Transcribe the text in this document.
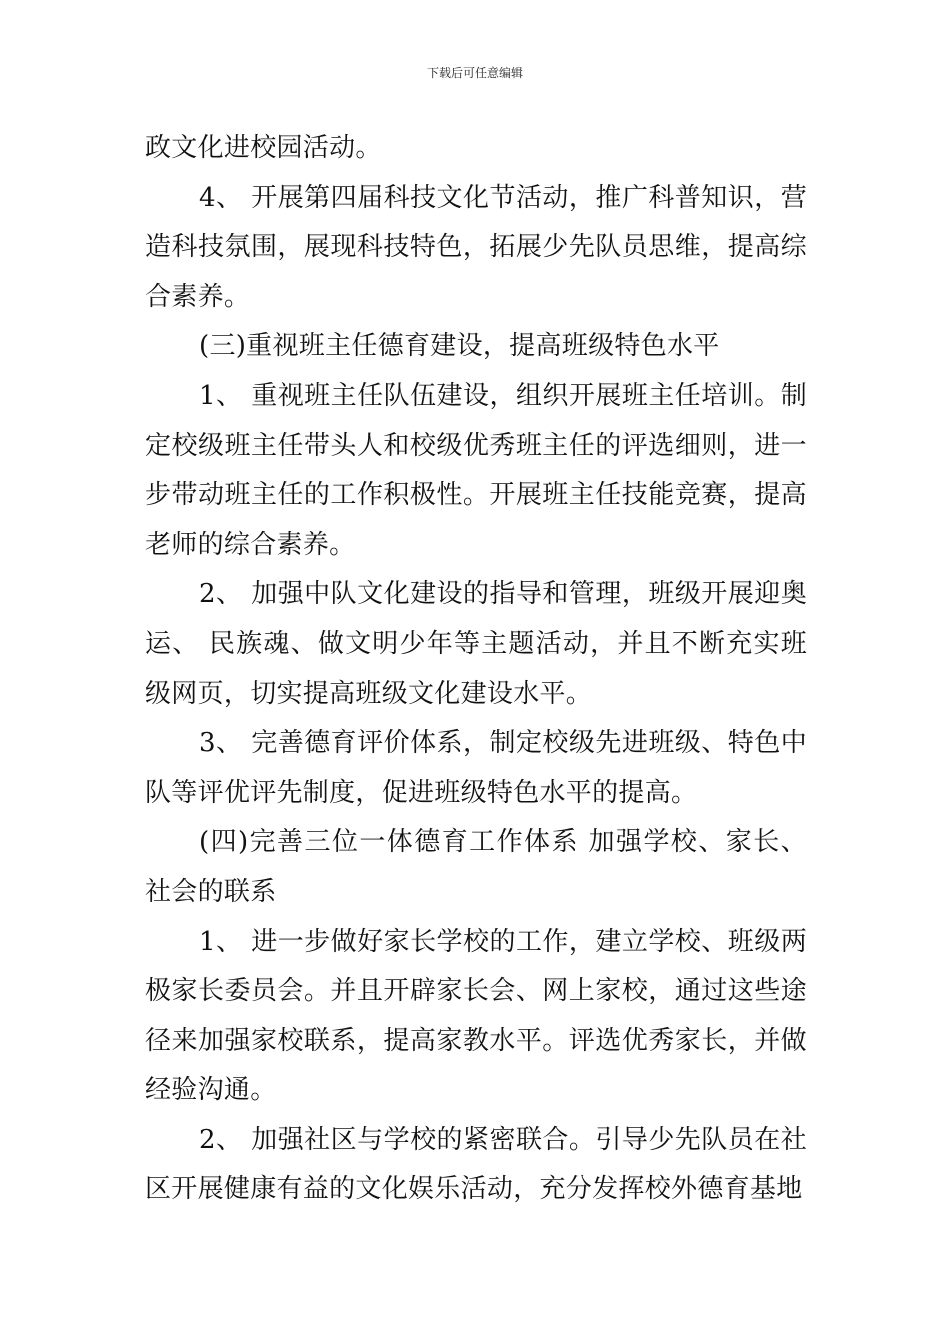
下载后可任意编辑

政文化进校园活动。

4、 开展第四届科技文化节活动，推广科普知识，营造科技氛围，展现科技特色，拓展少先队员思维，提高综合素养。

(三)重视班主任德育建设，提高班级特色水平

1、 重视班主任队伍建设，组织开展班主任培训。制定校级班主任带头人和校级优秀班主任的评选细则，进一步带动班主任的工作积极性。开展班主任技能竞赛，提高老师的综合素养。

2、 加强中队文化建设的指导和管理，班级开展迎奥运、 民族魂、做文明少年等主题活动，并且不断充实班级网页，切实提高班级文化建设水平。

3、 完善德育评价体系，制定校级先进班级、特色中队等评优评先制度，促进班级特色水平的提高。

(四)完善三位一体德育工作体系 加强学校、家长、社会的联系

1、 进一步做好家长学校的工作，建立学校、班级两极家长委员会。并且开辟家长会、网上家校，通过这些途径来加强家校联系，提高家教水平。评选优秀家长，并做经验沟通。

2、 加强社区与学校的紧密联合。引导少先队员在社区开展健康有益的文化娱乐活动，充分发挥校外德育基地
